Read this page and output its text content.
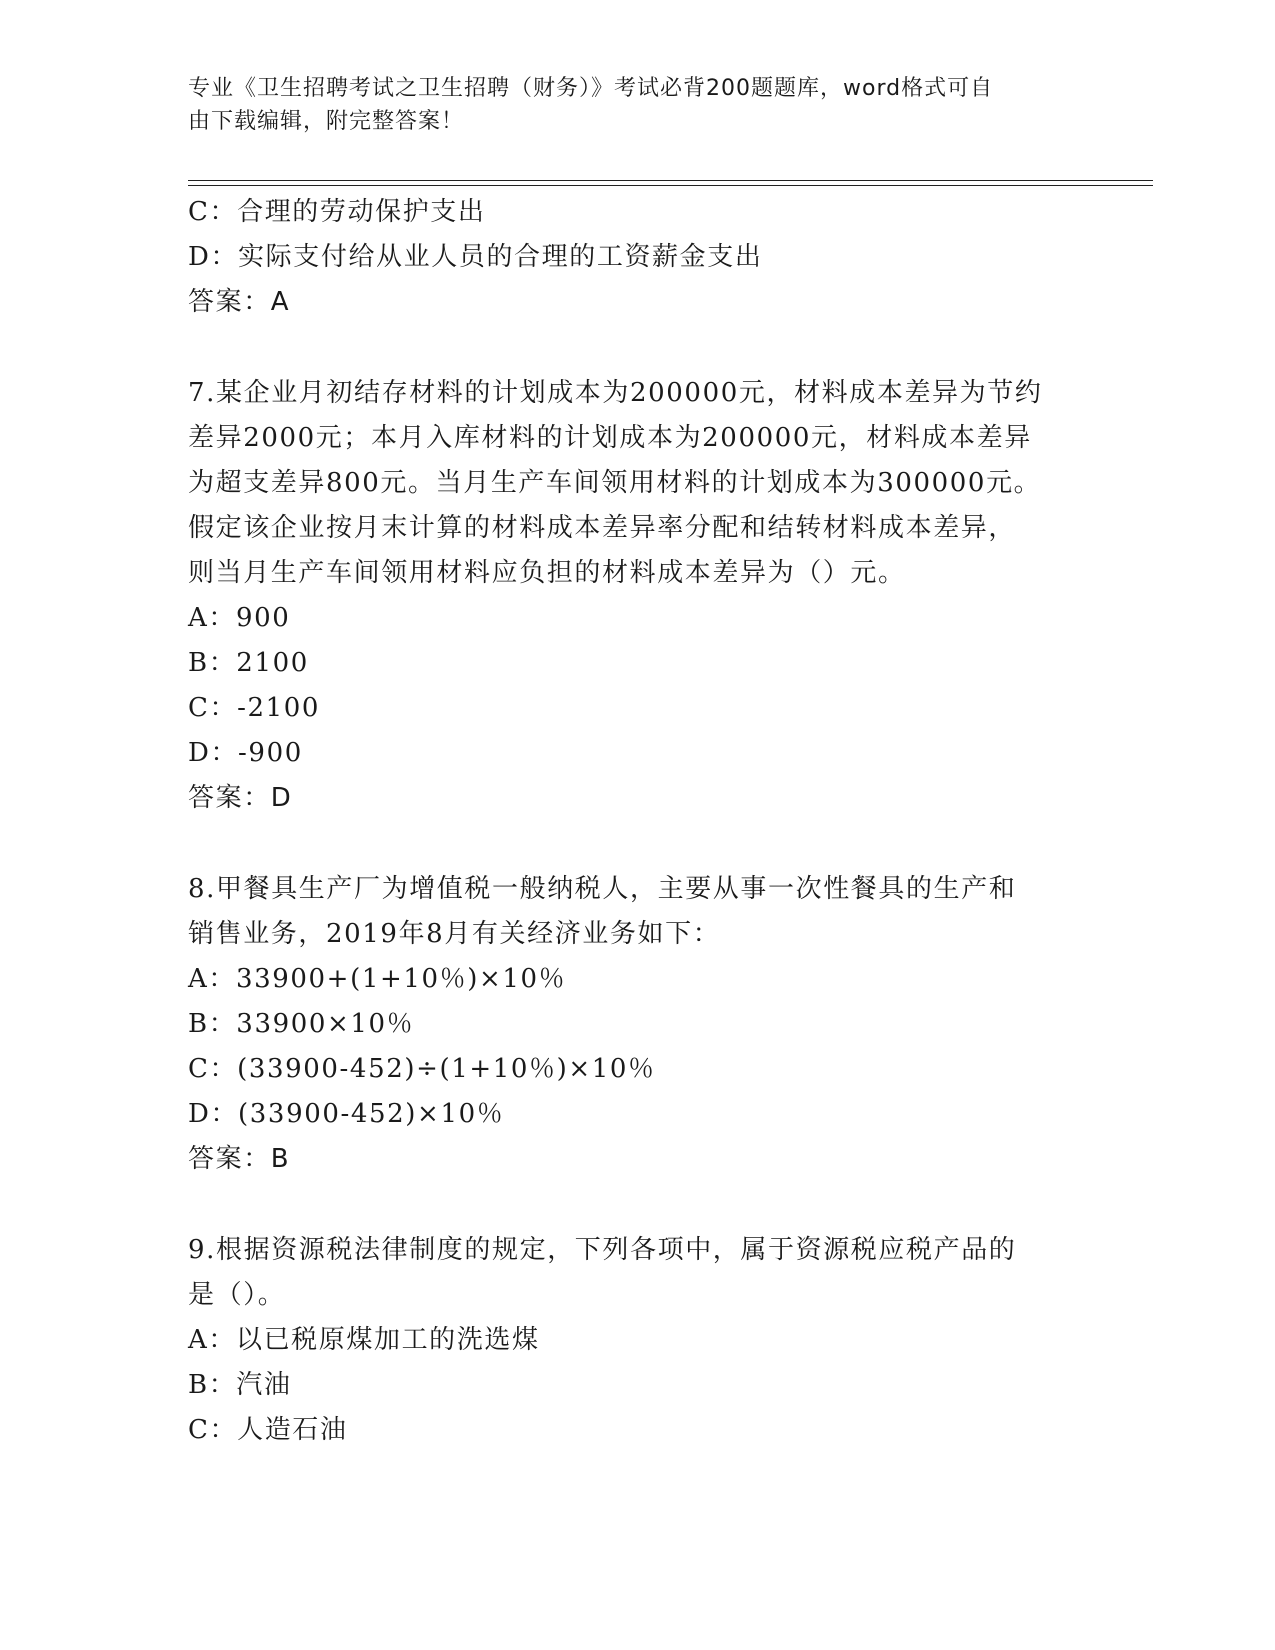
专业《卫生招聘考试之卫生招聘（财务）》考试必背200题题库，word格式可自
由下载编辑，附完整答案！
C：合理的劳动保护支出
D：实际支付给从业人员的合理的工资薪金支出
答案：A
7.某企业月初结存材料的计划成本为200000元，材料成本差异为节约
差异2000元；本月入库材料的计划成本为200000元，材料成本差异
为超支差异800元。当月生产车间领用材料的计划成本为300000元。
假定该企业按月末计算的材料成本差异率分配和结转材料成本差异，
则当月生产车间领用材料应负担的材料成本差异为（）元。
A：900
B：2100
C：-2100
D：-900
答案：D
8.甲餐具生产厂为增值税一般纳税人，主要从事一次性餐具的生产和
销售业务，2019年8月有关经济业务如下：
A：33900+(1+10％)×10％
B：33900×10％
C：(33900-452)÷(1+10％)×10％
D：(33900-452)×10％
答案：B
9.根据资源税法律制度的规定，下列各项中，属于资源税应税产品的
是（）。
A：以已税原煤加工的洗选煤
B：汽油
C：人造石油
